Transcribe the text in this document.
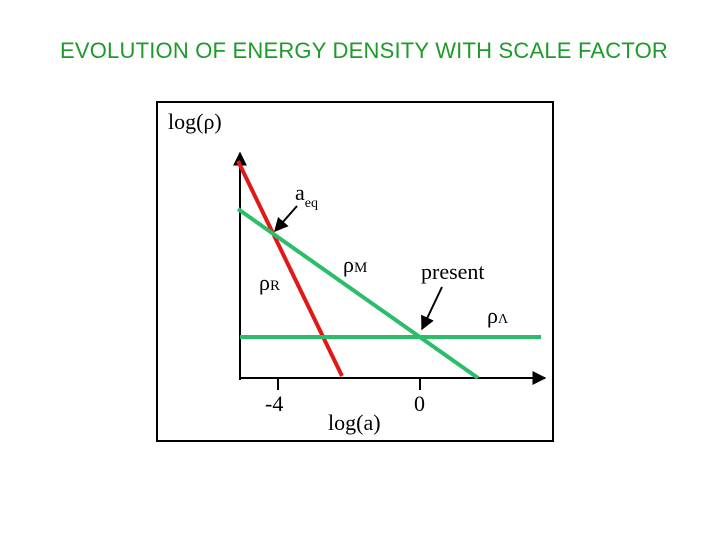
EVOLUTION OF ENERGY DENSITY WITH SCALE FACTOR
log(ρ)
log(a)
-4	0
$a_{eq}$
ρM
ρR
present
ρΛ
